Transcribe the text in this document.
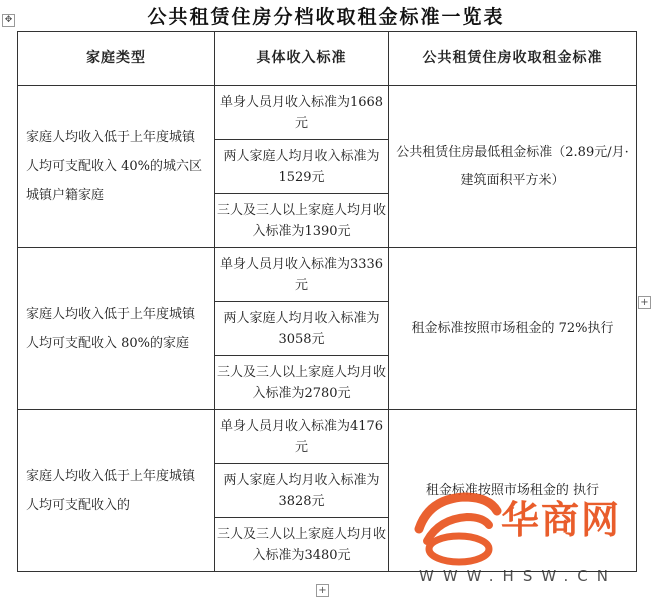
公共租赁住房分档收取租金标准一览表
✥
家庭类型	具体收入标准	公共租赁住房收取租金标准
家庭人均收入低于上年度城镇人均可支配收入 40%的城六区城镇户籍家庭	单身人员月收入标准为1668元	公共租赁住房最低租金标准（2.89元/月·建筑面积平方米）
	两人家庭人均月收入标准为1529元	
	三人及三人以上家庭人均月收入标准为1390元	
家庭人均收入低于上年度城镇人均可支配收入 80%的家庭	单身人员月收入标准为3336元	租金标准按照市场租金的 72%执行
	两人家庭人均月收入标准为3058元	
	三人及三人以上家庭人均月收入标准为2780元	
家庭人均收入低于上年度城镇人均可支配收入的	单身人员月收入标准为4176元	租金标准按照市场租金的 执行
	两人家庭人均月收入标准为3828元	
	三人及三人以上家庭人均月收入标准为3480元	
+
+
华商网
WWW.HSW.CN
